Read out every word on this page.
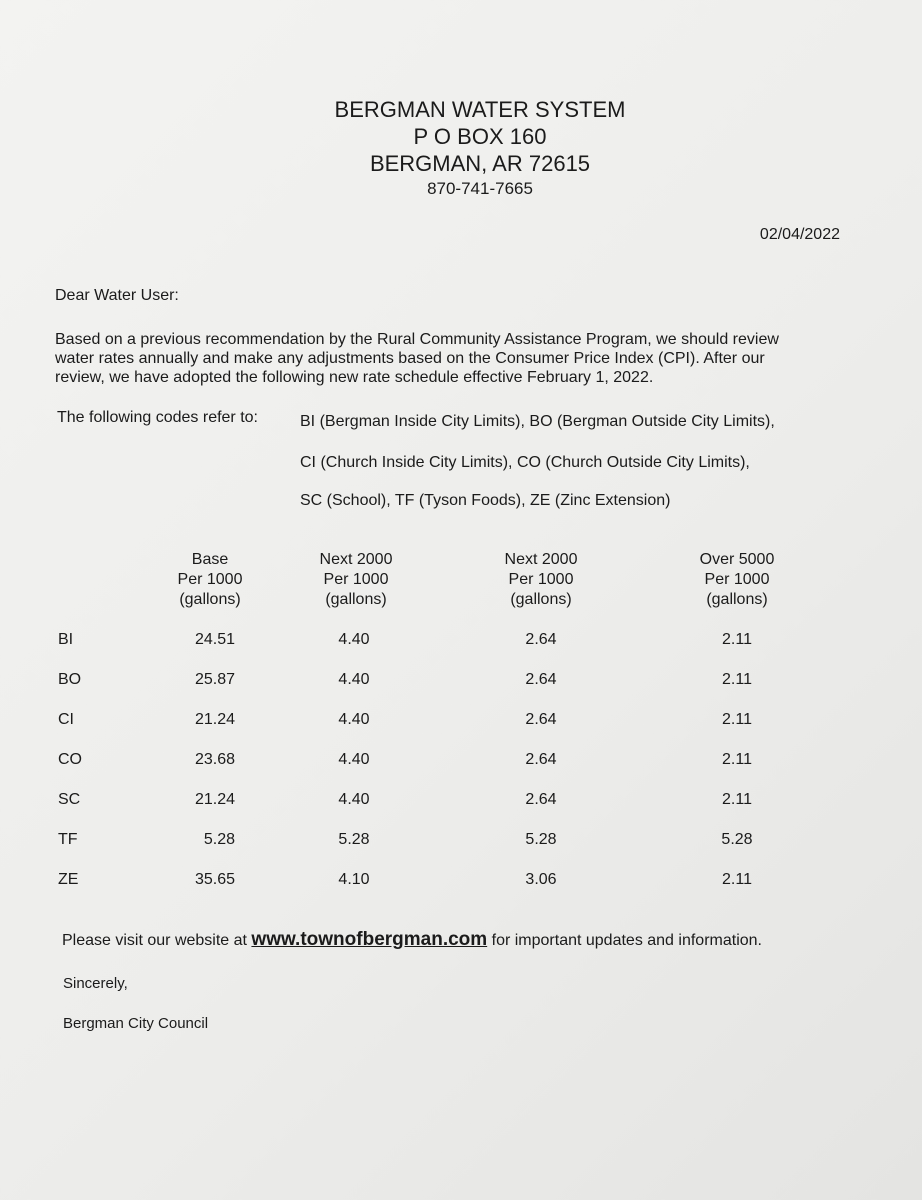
BERGMAN WATER SYSTEM
P O BOX 160
BERGMAN, AR 72615
870-741-7665
02/04/2022
Dear Water User:
Based on a previous recommendation by the Rural Community Assistance Program, we should review
water rates annually and make any adjustments based on the Consumer Price Index (CPI). After our
review, we have adopted the following new rate schedule effective February 1, 2022.
The following codes refer to:	BI (Bergman Inside City Limits), BO (Bergman Outside City Limits),
CI (Church Inside City Limits), CO (Church Outside City Limits),
SC (School), TF (Tyson Foods), ZE (Zinc Extension)
Base
Per 1000
(gallons)
Next 2000
Per 1000
(gallons)
Next 2000
Per 1000
(gallons)
Over 5000
Per 1000
(gallons)
BI	24.51	4.40	2.64	2.11
BO	25.87	4.40	2.64	2.11
CI	21.24	4.40	2.64	2.11
CO	23.68	4.40	2.64	2.11
SC	21.24	4.40	2.64	2.11
TF	5.28	5.28	5.28	5.28
ZE	35.65	4.10	3.06	2.11
Please visit our website at www.townofbergman.com for important updates and information.
Sincerely,
Bergman City Council
